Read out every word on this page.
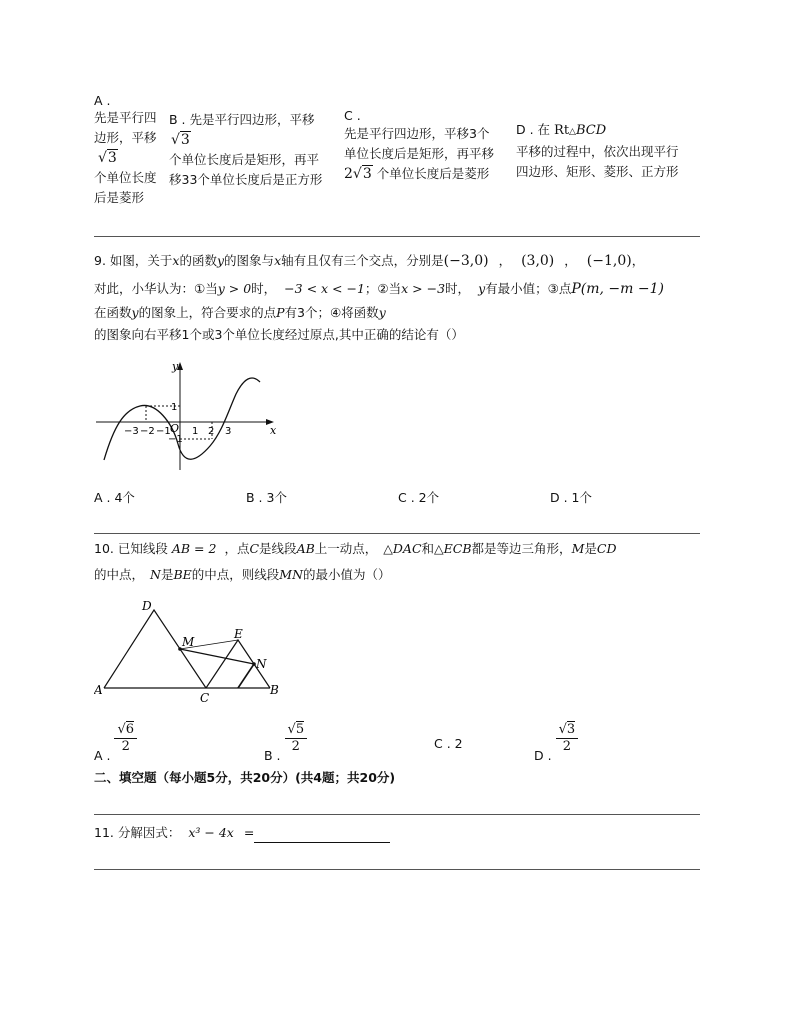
A .
先是平行四
边形，平移
√3
个单位长度
后是菱形
B . 先是平行四边形，平移
√3
个单位长度后是矩形，再平
移33个单位长度后是正方形
C .
先是平行四边形，平移3个
单位长度后是矩形，再平移
2√3 个单位长度后是菱形
D . 在 Rt△BCD
平移的过程中，依次出现平行
四边形、矩形、菱形、正方形
9. 如图，关于x的函数y的图象与x轴有且仅有三个交点，分别是(−3,0) ， (3,0) ， (−1,0)，
对此，小华认为：①当y > 0时， −3 < x < −1；②当x > −3时， y有最小值；③点P(m, −m −1)
在函数y的图象上，符合要求的点P有3个；④将函数y
的图象向右平移1个或3个单位长度经过原点,其中正确的结论有（）
y
x
O
−3 −2 −1 1 2 3
1
−1
A . 4个	B . 3个	C . 2个	D . 1个
10. 已知线段 AB = 2 ，点C是线段AB上一动点， △DAC和△ECB都是等边三角形，M是CD
的中点， N是BE的中点，则线段MN的最小值为（）
A	B
C
D
E
M
N
A .
$\frac{√6}{2}$
B .
$\frac{√5}{2}$	C . 2
D .
$\frac{√3}{2}$
二、填空题（每小题5分，共20分）(共4题；共20分)
11. 分解因式： x³ − 4x =
